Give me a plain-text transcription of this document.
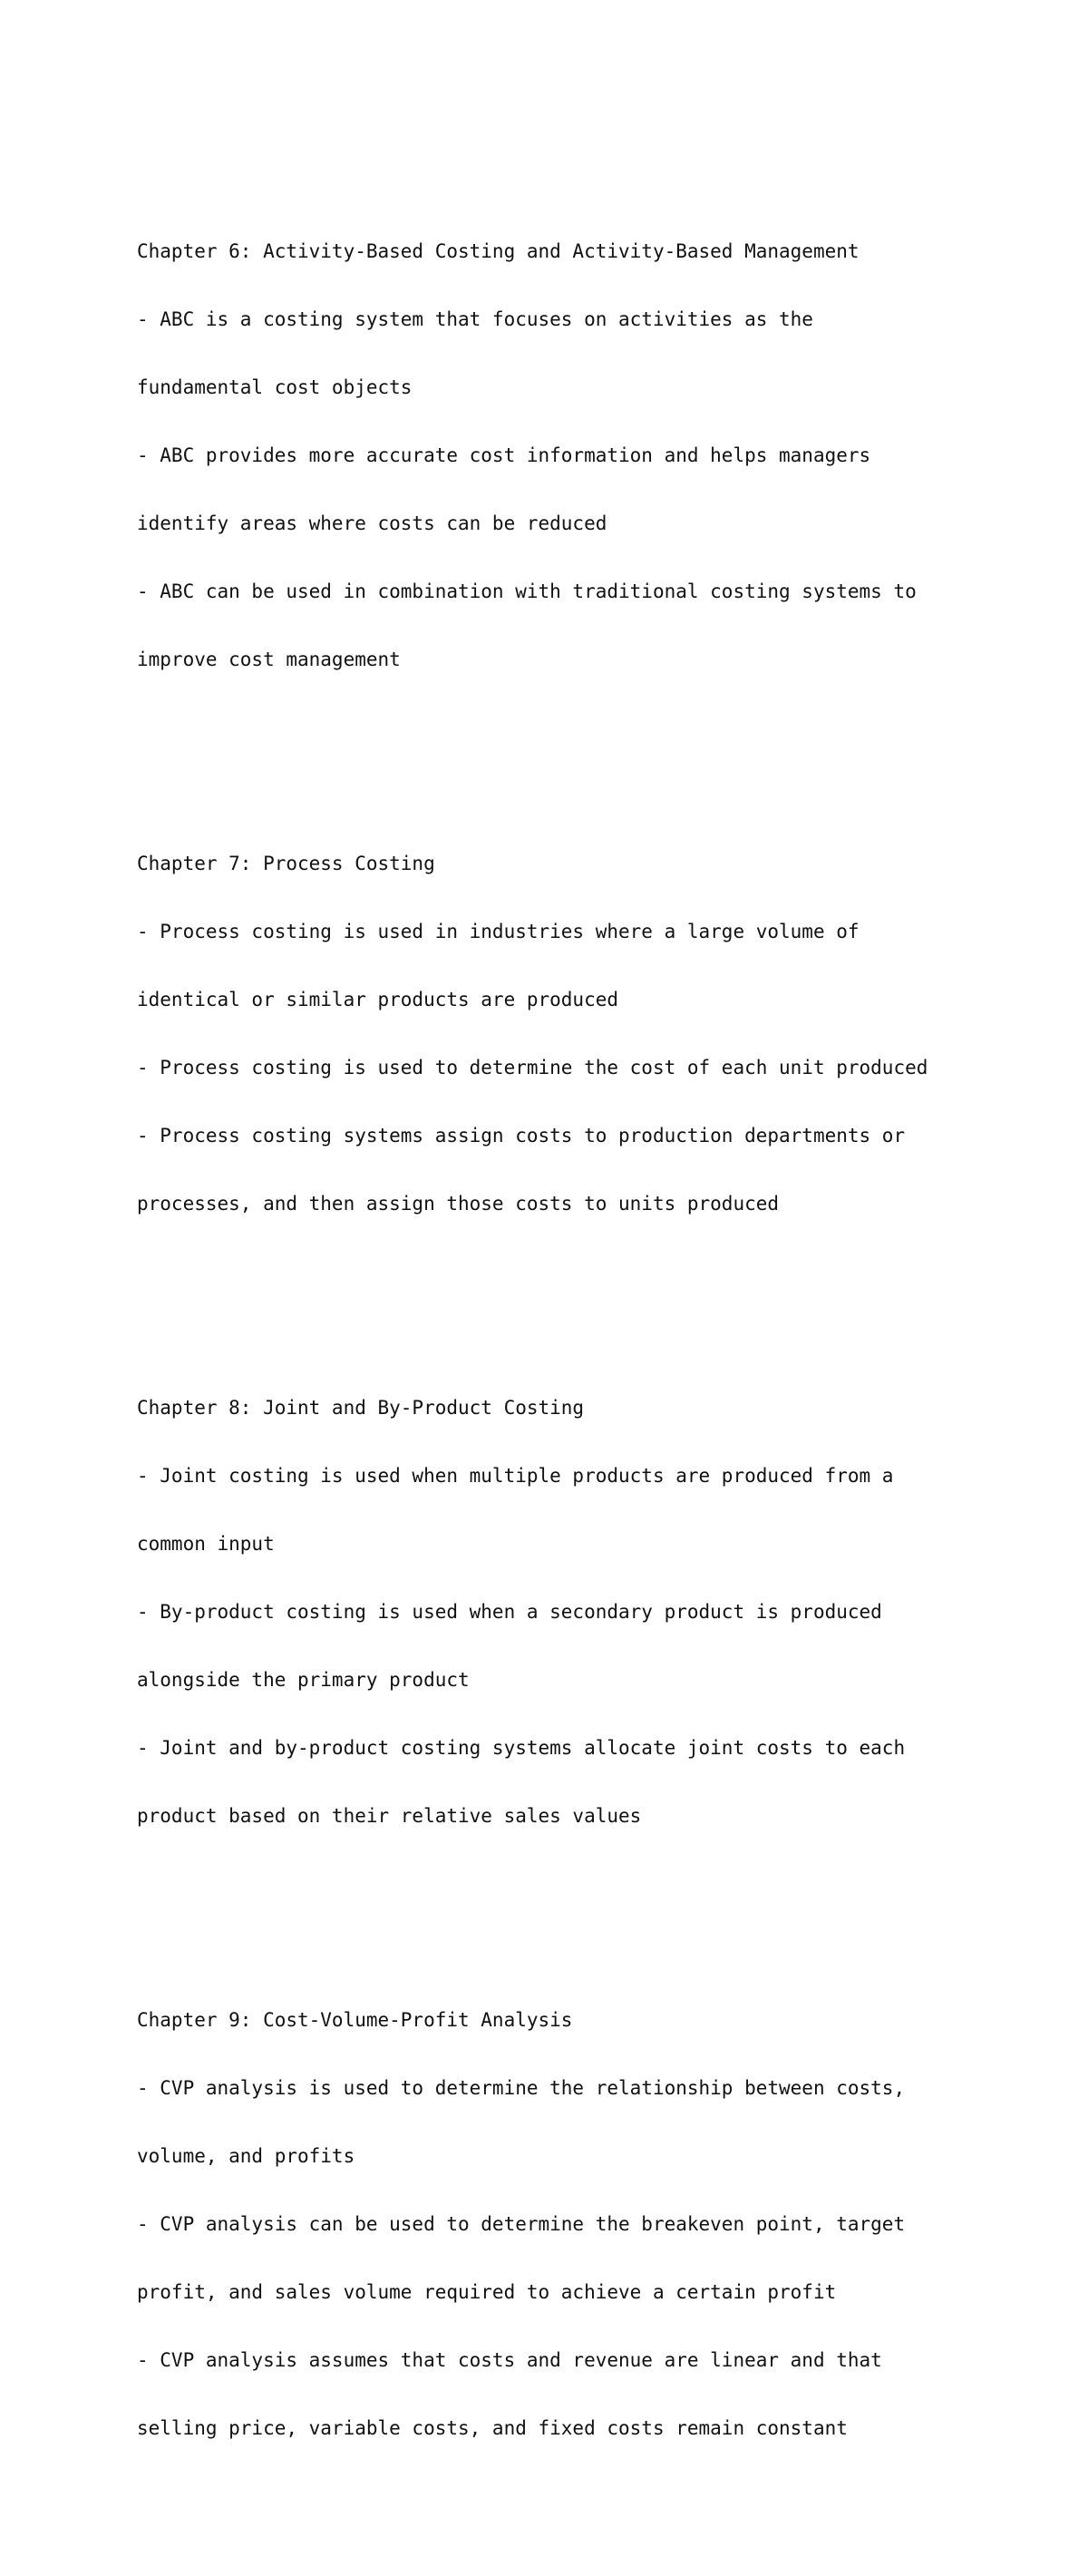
Chapter 6: Activity-Based Costing and Activity-Based Management

- ABC is a costing system that focuses on activities as the

fundamental cost objects

- ABC provides more accurate cost information and helps managers

identify areas where costs can be reduced

- ABC can be used in combination with traditional costing systems to

improve cost management

Chapter 7: Process Costing

- Process costing is used in industries where a large volume of

identical or similar products are produced

- Process costing is used to determine the cost of each unit produced

- Process costing systems assign costs to production departments or

processes, and then assign those costs to units produced

Chapter 8: Joint and By-Product Costing

- Joint costing is used when multiple products are produced from a

common input

- By-product costing is used when a secondary product is produced

alongside the primary product

- Joint and by-product costing systems allocate joint costs to each

product based on their relative sales values

Chapter 9: Cost-Volume-Profit Analysis

- CVP analysis is used to determine the relationship between costs,

volume, and profits

- CVP analysis can be used to determine the breakeven point, target

profit, and sales volume required to achieve a certain profit

- CVP analysis assumes that costs and revenue are linear and that

selling price, variable costs, and fixed costs remain constant
